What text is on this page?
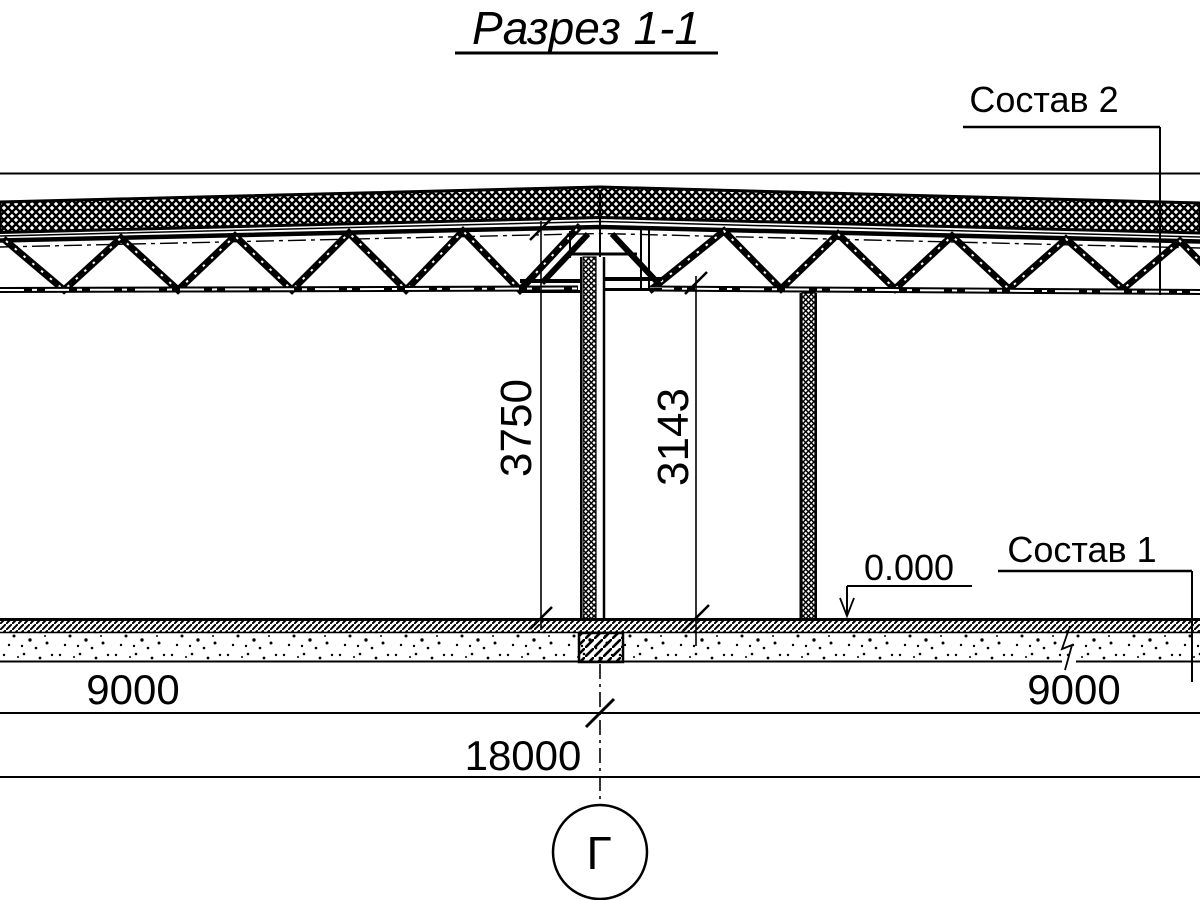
Разрез 1-1
Состав 2
Состав 1
0.000
3750 3143
9000	9000
18000
Г
